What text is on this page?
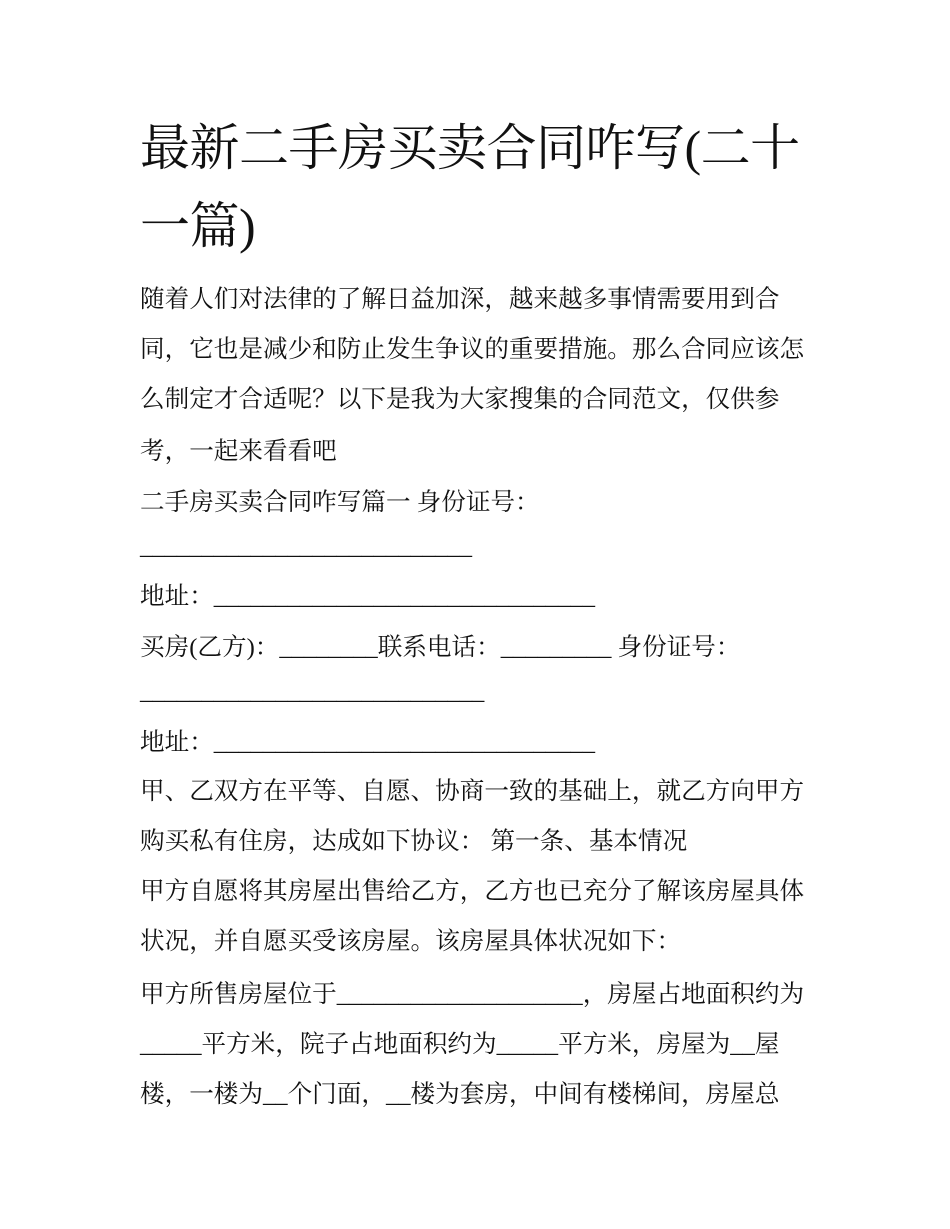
最新二手房买卖合同咋写(二十
一篇)
随着人们对法律的了解日益加深，越来越多事情需要用到合
同，它也是减少和防止发生争议的重要措施。那么合同应该怎
么制定才合适呢？以下是我为大家搜集的合同范文，仅供参
考，一起来看看吧
二手房买卖合同咋写篇一 身份证号：
___________________________
地址：_______________________________
买房(乙方)：________联系电话：_________ 身份证号：
____________________________
地址：_______________________________
甲、乙双方在平等、自愿、协商一致的基础上，就乙方向甲方
购买私有住房，达成如下协议： 第一条、基本情况
甲方自愿将其房屋出售给乙方，乙方也已充分了解该房屋具体
状况，并自愿买受该房屋。该房屋具体状况如下：
甲方所售房屋位于____________________，房屋占地面积约为
_____平方米，院子占地面积约为_____平方米，房屋为__屋
楼，一楼为__个门面，__楼为套房，中间有楼梯间，房屋总
